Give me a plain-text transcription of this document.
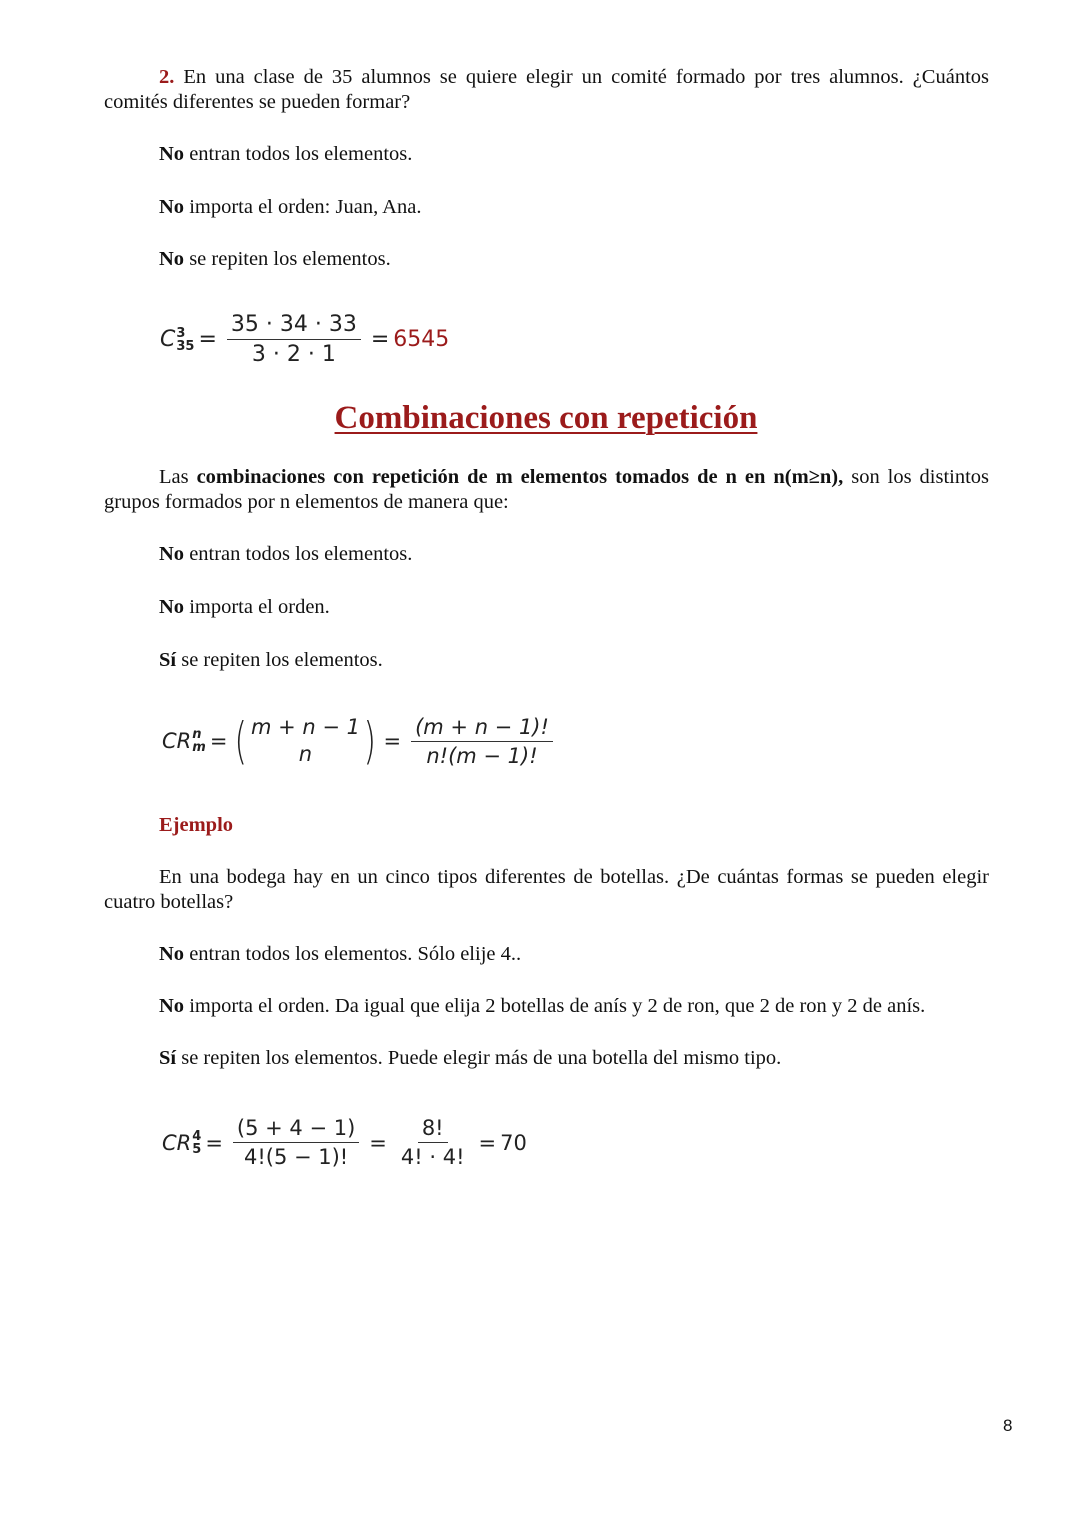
2. En una clase de 35 alumnos se quiere elegir un comité formado por tres alumnos. ¿Cuántos comités diferentes se pueden formar?
No entran todos los elementos.
No importa el orden: Juan, Ana.
No se repiten los elementos.
C 3
$35 = \frac{35 \cdot 34 \cdot 33}{3 \cdot 2 \cdot 1} = 6545$
Combinaciones con repetición
Las combinaciones con repetición de m elementos tomados de n en n(m≥n), son los distintos grupos formados por n elementos de manera que:
No entran todos los elementos.
No importa el orden.
Sí se repiten los elementos.
CR n
m = ( m + n − 1
n ) = $\frac{(m + n - 1)!}{n!(m - 1)!}$
Ejemplo
En una bodega hay en un cinco tipos diferentes de botellas. ¿De cuántas formas se pueden elegir cuatro botellas?
No entran todos los elementos. Sólo elije 4..
No importa el orden. Da igual que elija 2 botellas de anís y 2 de ron, que 2 de ron y 2 de anís.
Sí se repiten los elementos. Puede elegir más de una botella del mismo tipo.
CR 4
$5 = \frac{(5 + 4 - 1)}{4!(5 - 1)!} = \frac{8!}{4! \cdot 4!} = 70$
8
